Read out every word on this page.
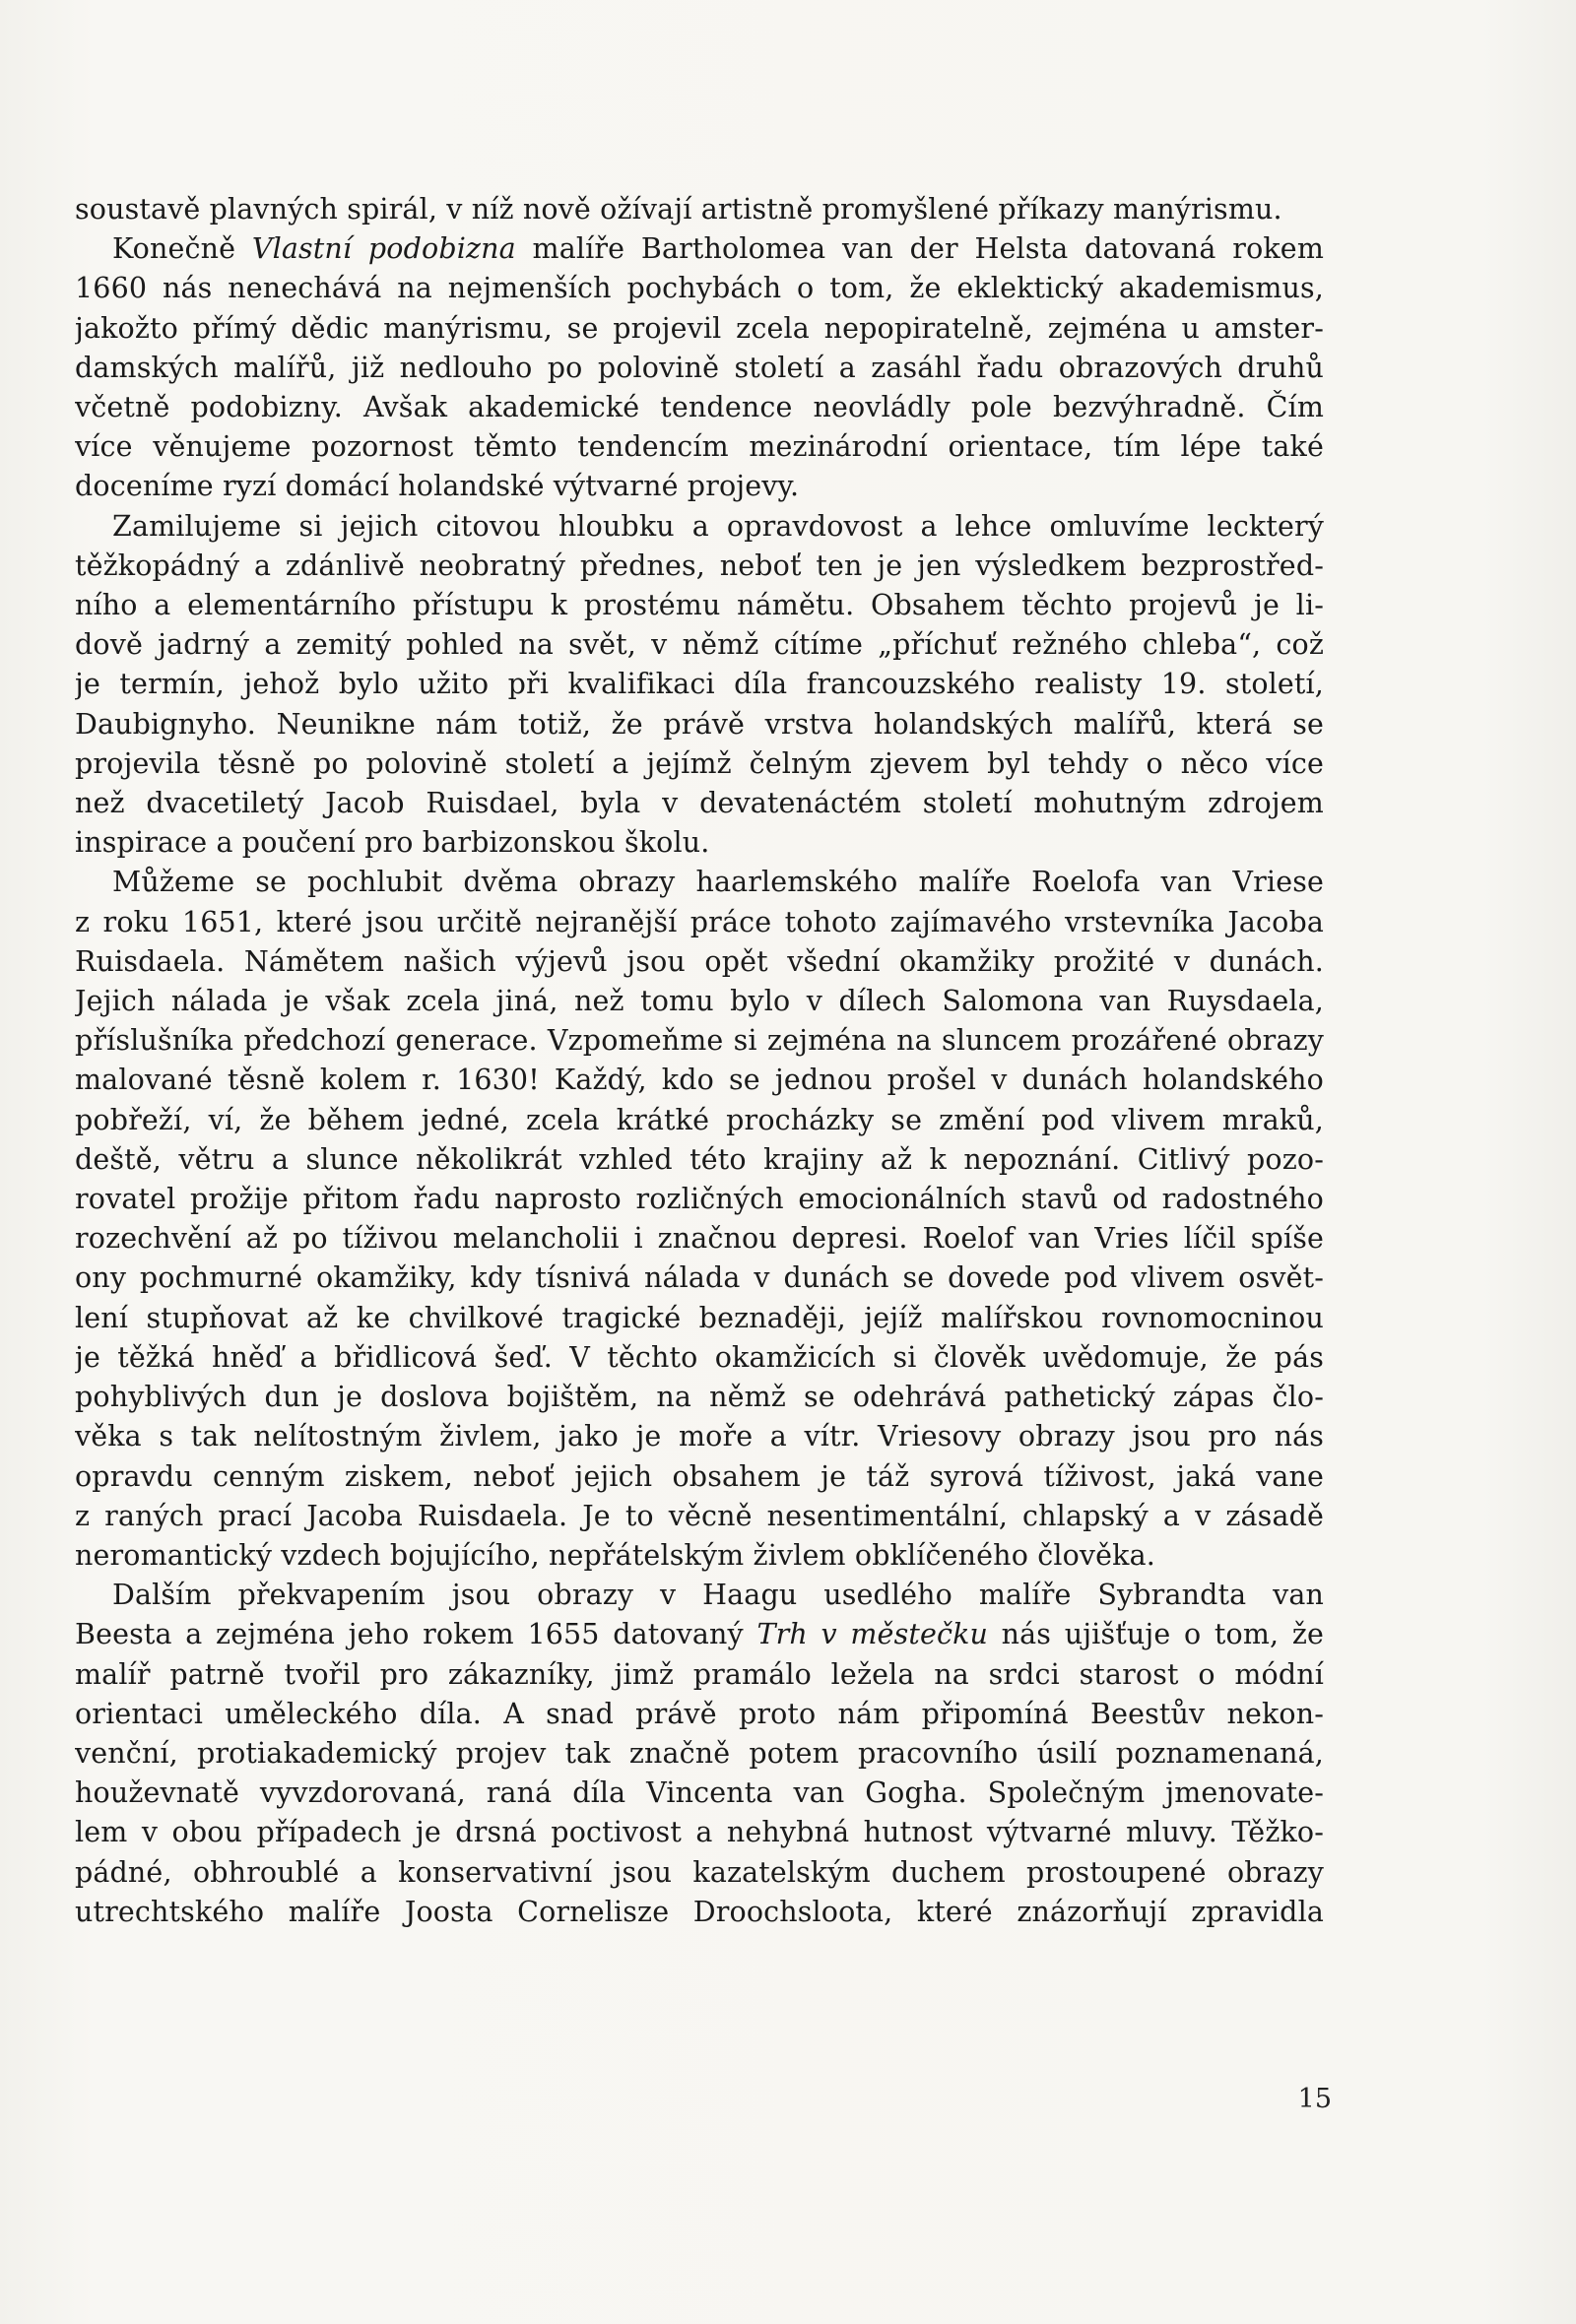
soustavě plavných spirál, v níž nově ožívají artistně promyšlené příkazy manýrismu.
Konečně Vlastní podobizna malíře Bartholomea van der Helsta datovaná rokem
1660 nás nenechává na nejmenších pochybách o tom, že eklektický akademismus,
jakožto přímý dědic manýrismu, se projevil zcela nepopiratelně, zejména u amster-
damských malířů, již nedlouho po polovině století a zasáhl řadu obrazových druhů
včetně podobizny. Avšak akademické tendence neovládly pole bezvýhradně. Čím
více věnujeme pozornost těmto tendencím mezinárodní orientace, tím lépe také
doceníme ryzí domácí holandské výtvarné projevy.
Zamilujeme si jejich citovou hloubku a opravdovost a lehce omluvíme leckterý
těžkopádný a zdánlivě neobratný přednes, neboť ten je jen výsledkem bezprostřed-
ního a elementárního přístupu k prostému námětu. Obsahem těchto projevů je li-
dově jadrný a zemitý pohled na svět, v němž cítíme „příchuť režného chleba“, což
je termín, jehož bylo užito při kvalifikaci díla francouzského realisty 19. století,
Daubignyho. Neunikne nám totiž, že právě vrstva holandských malířů, která se
projevila těsně po polovině století a jejímž čelným zjevem byl tehdy o něco více
než dvacetiletý Jacob Ruisdael, byla v devatenáctém století mohutným zdrojem
inspirace a poučení pro barbizonskou školu.
Můžeme se pochlubit dvěma obrazy haarlemského malíře Roelofa van Vriese
z roku 1651, které jsou určitě nejranější práce tohoto zajímavého vrstevníka Jacoba
Ruisdaela. Námětem našich výjevů jsou opět všední okamžiky prožité v dunách.
Jejich nálada je však zcela jiná, než tomu bylo v dílech Salomona van Ruysdaela,
příslušníka předchozí generace. Vzpomeňme si zejména na sluncem prozářené obrazy
malované těsně kolem r. 1630! Každý, kdo se jednou prošel v dunách holandského
pobřeží, ví, že během jedné, zcela krátké procházky se změní pod vlivem mraků,
deště, větru a slunce několikrát vzhled této krajiny až k nepoznání. Citlivý pozo-
rovatel prožije přitom řadu naprosto rozličných emocionálních stavů od radostného
rozechvění až po tíživou melancholii i značnou depresi. Roelof van Vries líčil spíše
ony pochmurné okamžiky, kdy tísnivá nálada v dunách se dovede pod vlivem osvět-
lení stupňovat až ke chvilkové tragické beznaději, jejíž malířskou rovnomocninou
je těžká hněď a břidlicová šeď. V těchto okamžicích si člověk uvědomuje, že pás
pohyblivých dun je doslova bojištěm, na němž se odehrává pathetický zápas člo-
věka s tak nelítostným živlem, jako je moře a vítr. Vriesovy obrazy jsou pro nás
opravdu cenným ziskem, neboť jejich obsahem je táž syrová tíživost, jaká vane
z raných prací Jacoba Ruisdaela. Je to věcně nesentimentální, chlapský a v zásadě
neromantický vzdech bojujícího, nepřátelským živlem obklíčeného člověka.
Dalším překvapením jsou obrazy v Haagu usedlého malíře Sybrandta van
Beesta a zejména jeho rokem 1655 datovaný Trh v městečku nás ujišťuje o tom, že
malíř patrně tvořil pro zákazníky, jimž pramálo ležela na srdci starost o módní
orientaci uměleckého díla. A snad právě proto nám připomíná Beestův nekon-
venční, protiakademický projev tak značně potem pracovního úsilí poznamenaná,
houževnatě vyvzdorovaná, raná díla Vincenta van Gogha. Společným jmenovate-
lem v obou případech je drsná poctivost a nehybná hutnost výtvarné mluvy. Těžko-
pádné, obhroublé a konservativní jsou kazatelským duchem prostoupené obrazy
utrechtského malíře Joosta Cornelisze Droochsloota, které znázorňují zpravidla
15
